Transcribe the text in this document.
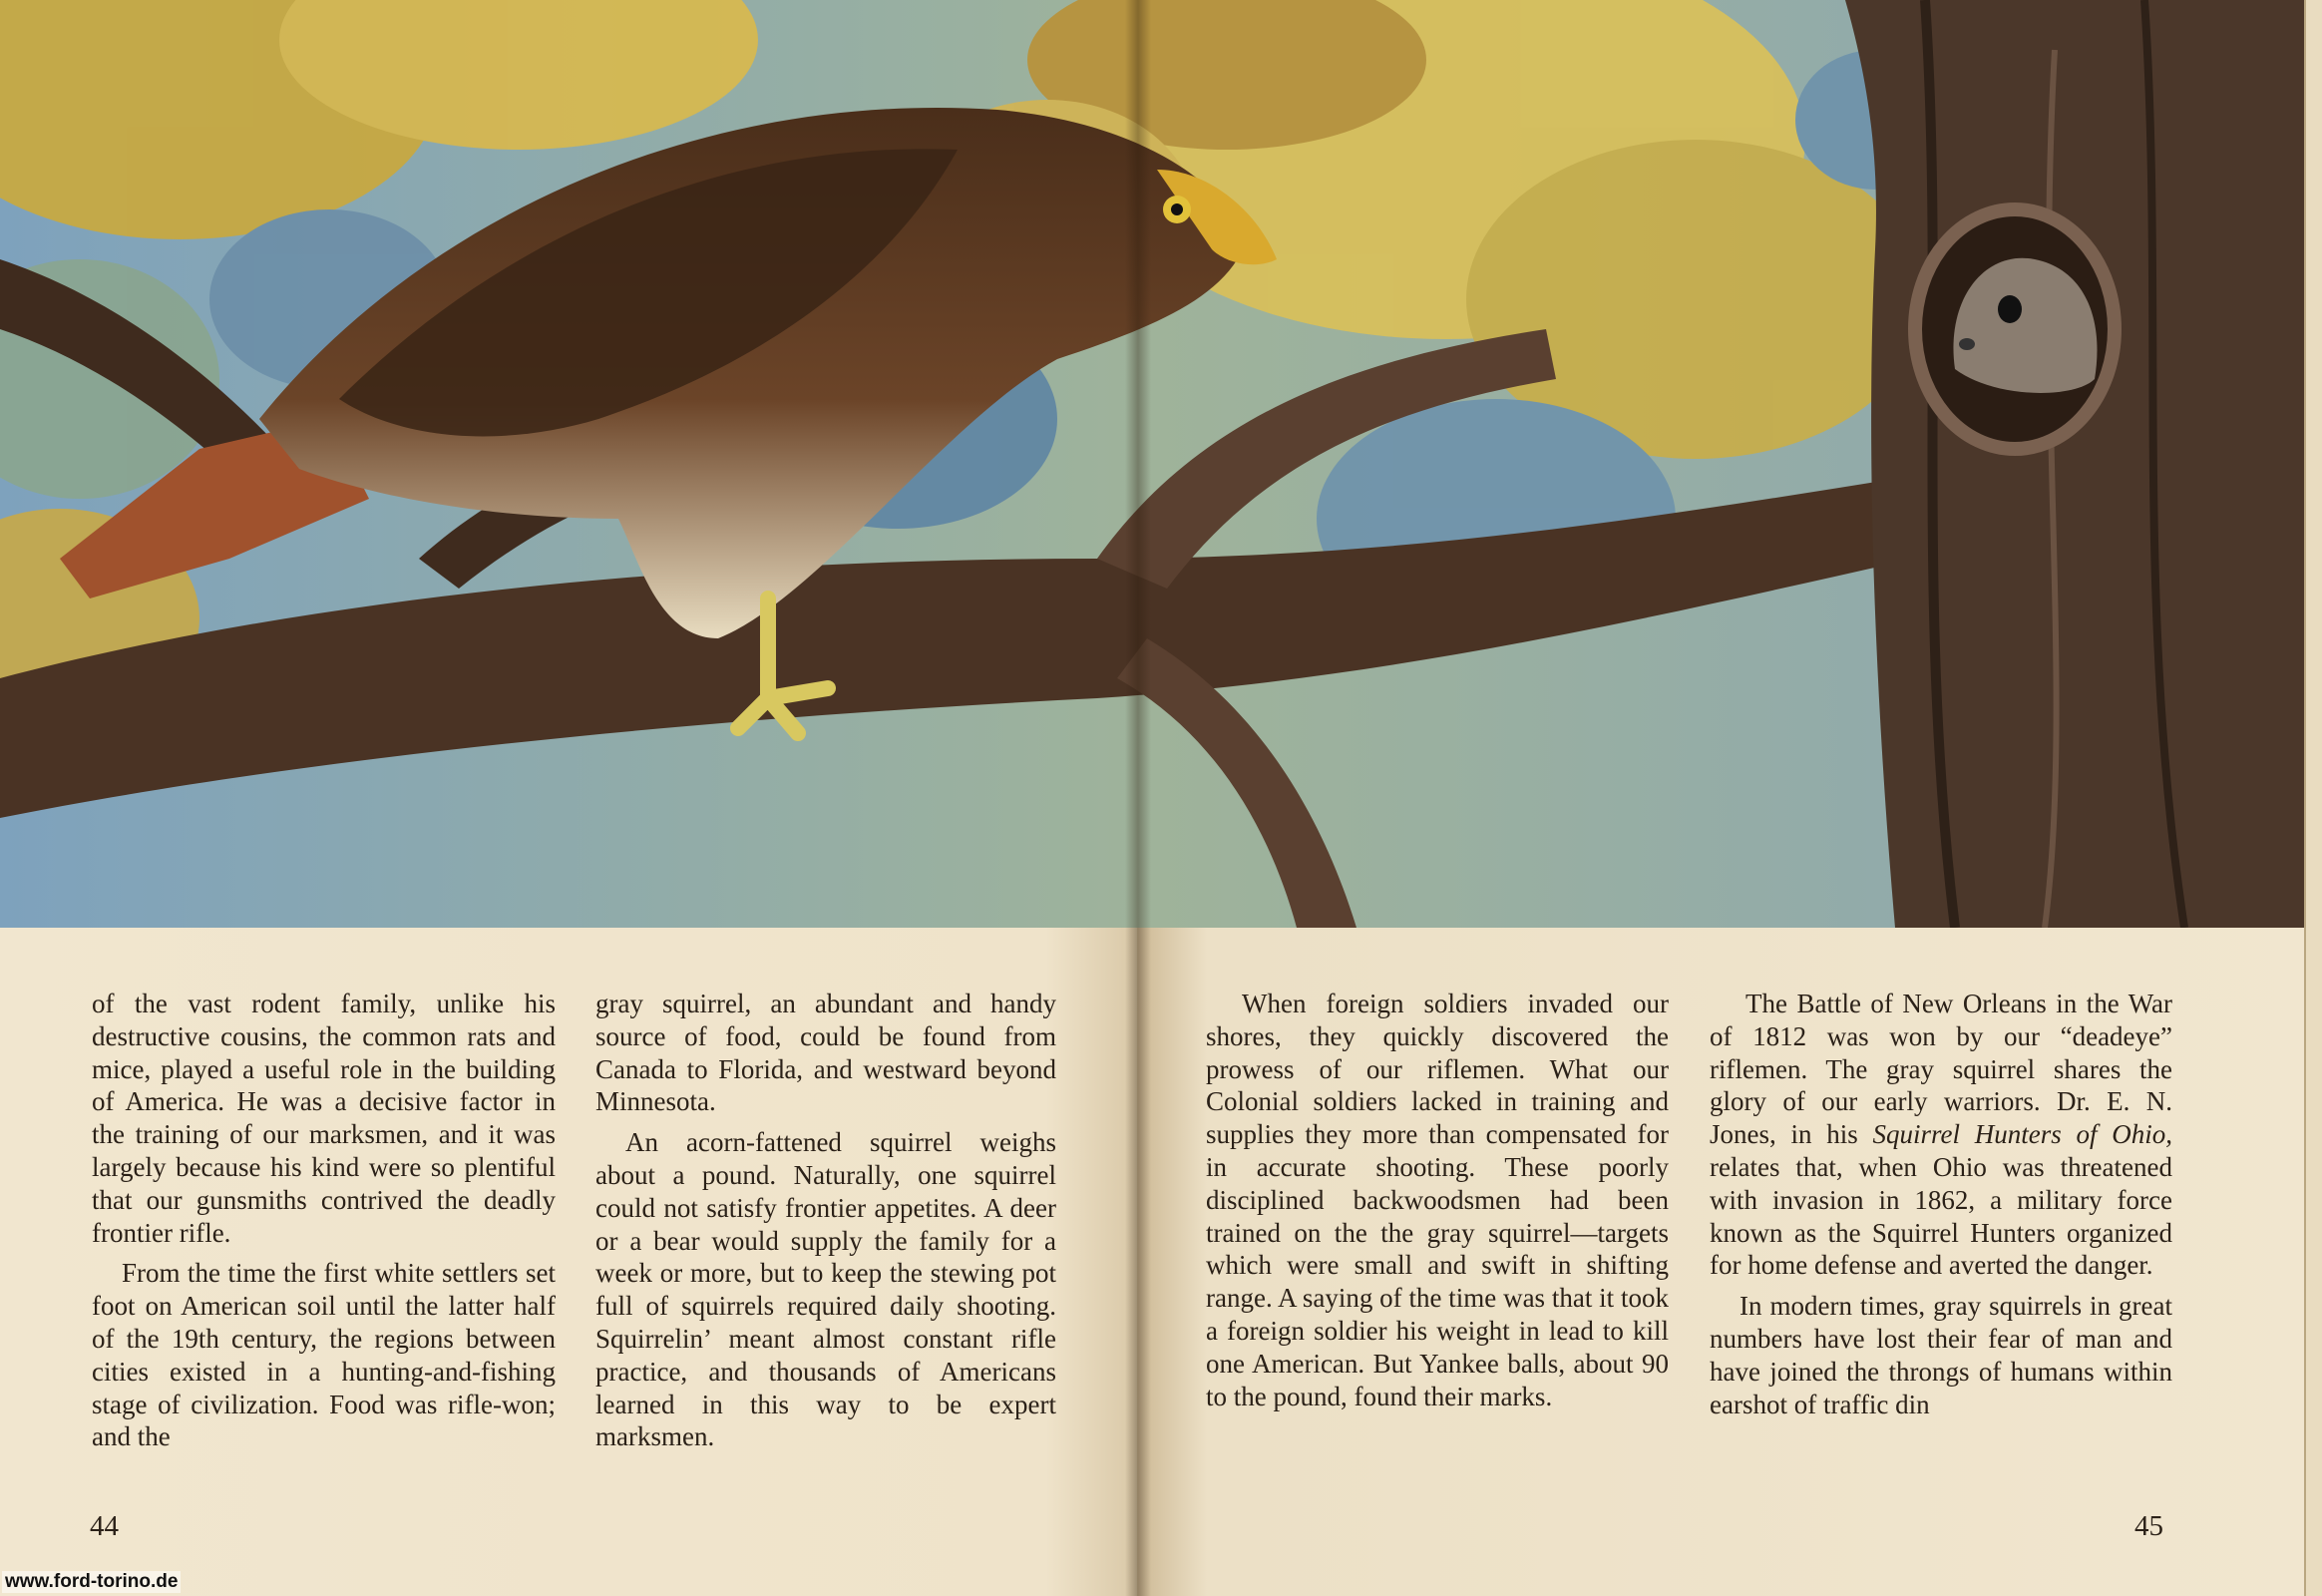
of the vast rodent family, unlike his destructive cousins, the common rats and mice, played a useful role in the building of America. He was a decisive factor in the training of our marksmen, and it was largely because his kind were so plentiful that our gunsmiths contrived the deadly frontier rifle.

From the time the first white settlers set foot on American soil until the latter half of the 19th century, the regions between cities existed in a hunting-and-fishing stage of civilization. Food was rifle-won; and the

gray squirrel, an abundant and handy source of food, could be found from Canada to Florida, and westward beyond Minnesota.

An acorn-fattened squirrel weighs about a pound. Naturally, one squirrel could not satisfy frontier appetites. A deer or a bear would supply the family for a week or more, but to keep the stewing pot full of squirrels required daily shooting. Squirrelin’ meant almost constant rifle practice, and thousands of Americans learned in this way to be expert marksmen.

When foreign soldiers invaded our shores, they quickly discovered the prowess of our riflemen. What our Colonial soldiers lacked in training and supplies they more than compensated for in accurate shooting. These poorly disciplined backwoodsmen had been trained on the the gray squirrel—targets which were small and swift in shifting range. A saying of the time was that it took a foreign soldier his weight in lead to kill one American. But Yankee balls, about 90 to the pound, found their marks.

The Battle of New Orleans in the War of 1812 was won by our “deadeye” riflemen. The gray squirrel shares the glory of our early warriors. Dr. E. N. Jones, in his Squirrel Hunters of Ohio, relates that, when Ohio was threatened with invasion in 1862, a military force known as the Squirrel Hunters organized for home defense and averted the danger.

In modern times, gray squirrels in great numbers have lost their fear of man and have joined the throngs of humans within earshot of traffic din

44	45
www.ford-torino.de
